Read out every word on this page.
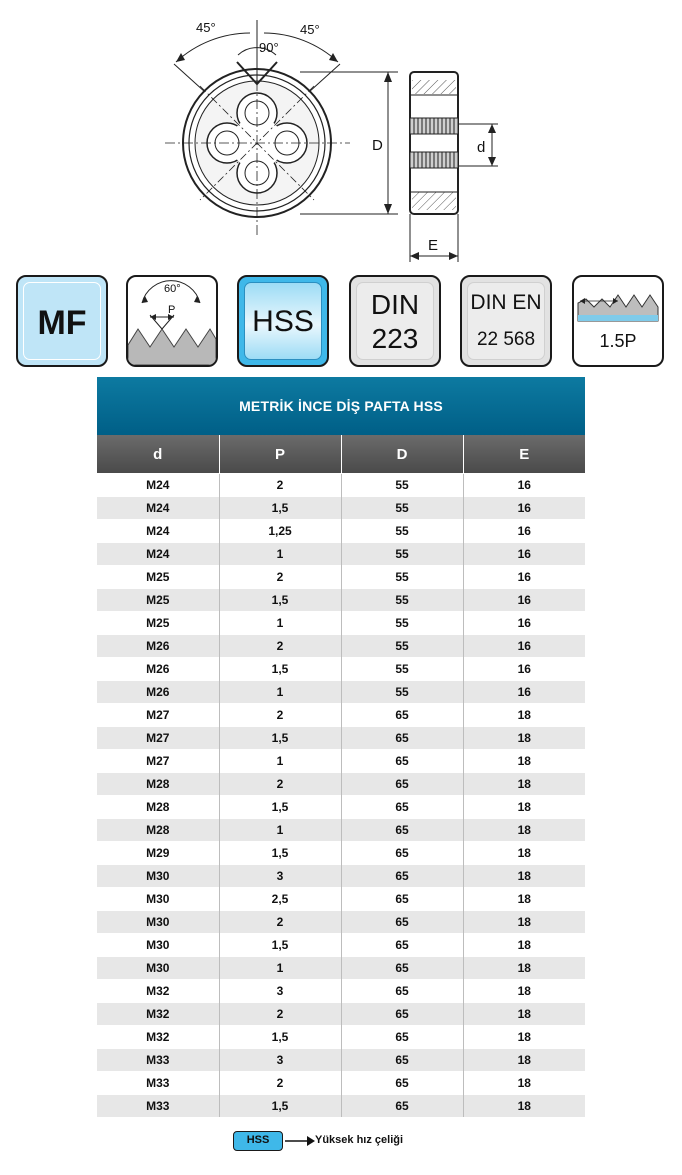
45°	45°
90°
D	d
E
MF
60°
P	HSS
DIN
223
DIN EN
22 568	1.5P
METRİK İNCE DİŞ PAFTA HSS
d	P	D	E
M24	2	55	16
M24	1,5	55	16
M24	1,25	55	16
M24	1	55	16
M25	2	55	16
M25	1,5	55	16
M25	1	55	16
M26	2	55	16
M26	1,5	55	16
M26	1	55	16
M27	2	65	18
M27	1,5	65	18
M27	1	65	18
M28	2	65	18
M28	1,5	65	18
M28	1	65	18
M29	1,5	65	18
M30	3	65	18
M30	2,5	65	18
M30	2	65	18
M30	1,5	65	18
M30	1	65	18
M32	3	65	18
M32	2	65	18
M32	1,5	65	18
M33	3	65	18
M33	2	65	18
M33	1,5	65	18
HSS	Yüksek hız çeliği
